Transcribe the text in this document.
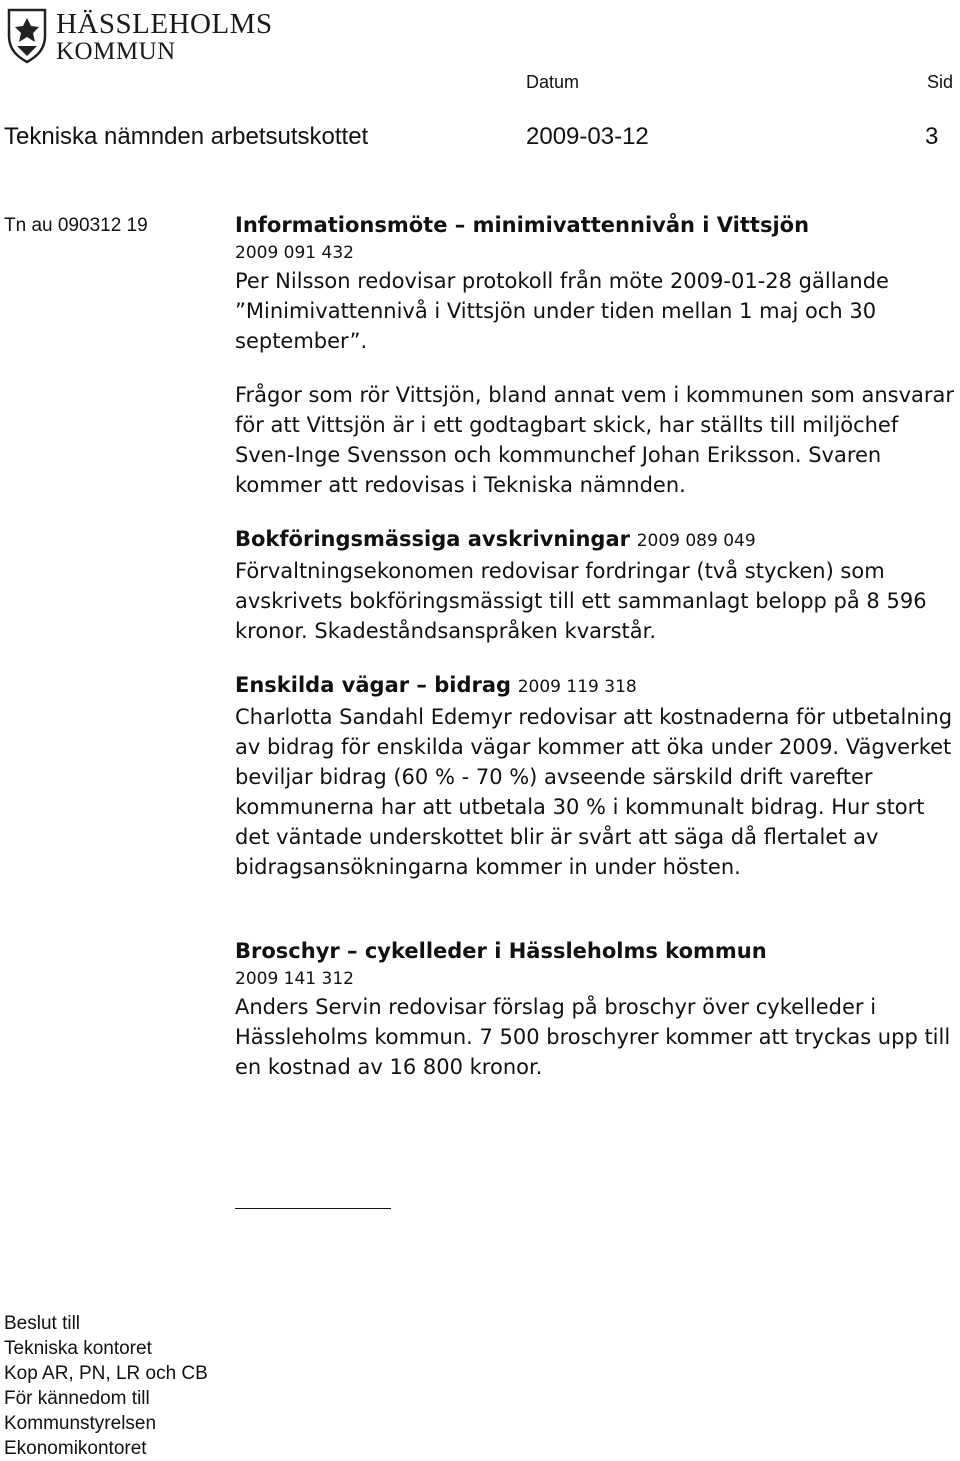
HÄSSLEHOLMS
KOMMUN
Datum	Sid
Tekniska nämnden arbetsutskottet	2009-03-12	3
Tn au 090312 19	Informationsmöte – minimivattennivån i Vittsjön

2009 091 432

Per Nilsson redovisar protokoll från möte 2009-01-28 gällande ”Minimivattennivå i Vittsjön under tiden mellan 1 maj och 30 september”.

Frågor som rör Vittsjön, bland annat vem i kommunen som ansvarar för att Vittsjön är i ett godtagbart skick, har ställts till miljöchef Sven-Inge Svensson och kommunchef Johan Eriksson. Svaren kommer att redovisas i Tekniska nämnden.

Bokföringsmässiga avskrivningar 2009 089 049

Förvaltningsekonomen redovisar fordringar (två stycken) som avskrivets bokföringsmässigt till ett sammanlagt belopp på 8 596 kronor. Skadeståndsanspråken kvarstår.

Enskilda vägar – bidrag 2009 119 318

Charlotta Sandahl Edemyr redovisar att kostnaderna för utbetalning av bidrag för enskilda vägar kommer att öka under 2009. Vägverket beviljar bidrag (60 % - 70 %) avseende särskild drift varefter kommunerna har att utbetala 30 % i kommunalt bidrag. Hur stort det väntade underskottet blir är svårt att säga då flertalet av bidragsansökningarna kommer in under hösten.

Broschyr – cykelleder i Hässleholms kommun

2009 141 312

Anders Servin redovisar förslag på broschyr över cykelleder i Hässleholms kommun. 7 500 broschyrer kommer att tryckas upp till en kostnad av 16 800 kronor.

Beslut till
Tekniska kontoret
Kop AR, PN, LR och CB
För kännedom till
Kommunstyrelsen
Ekonomikontoret
